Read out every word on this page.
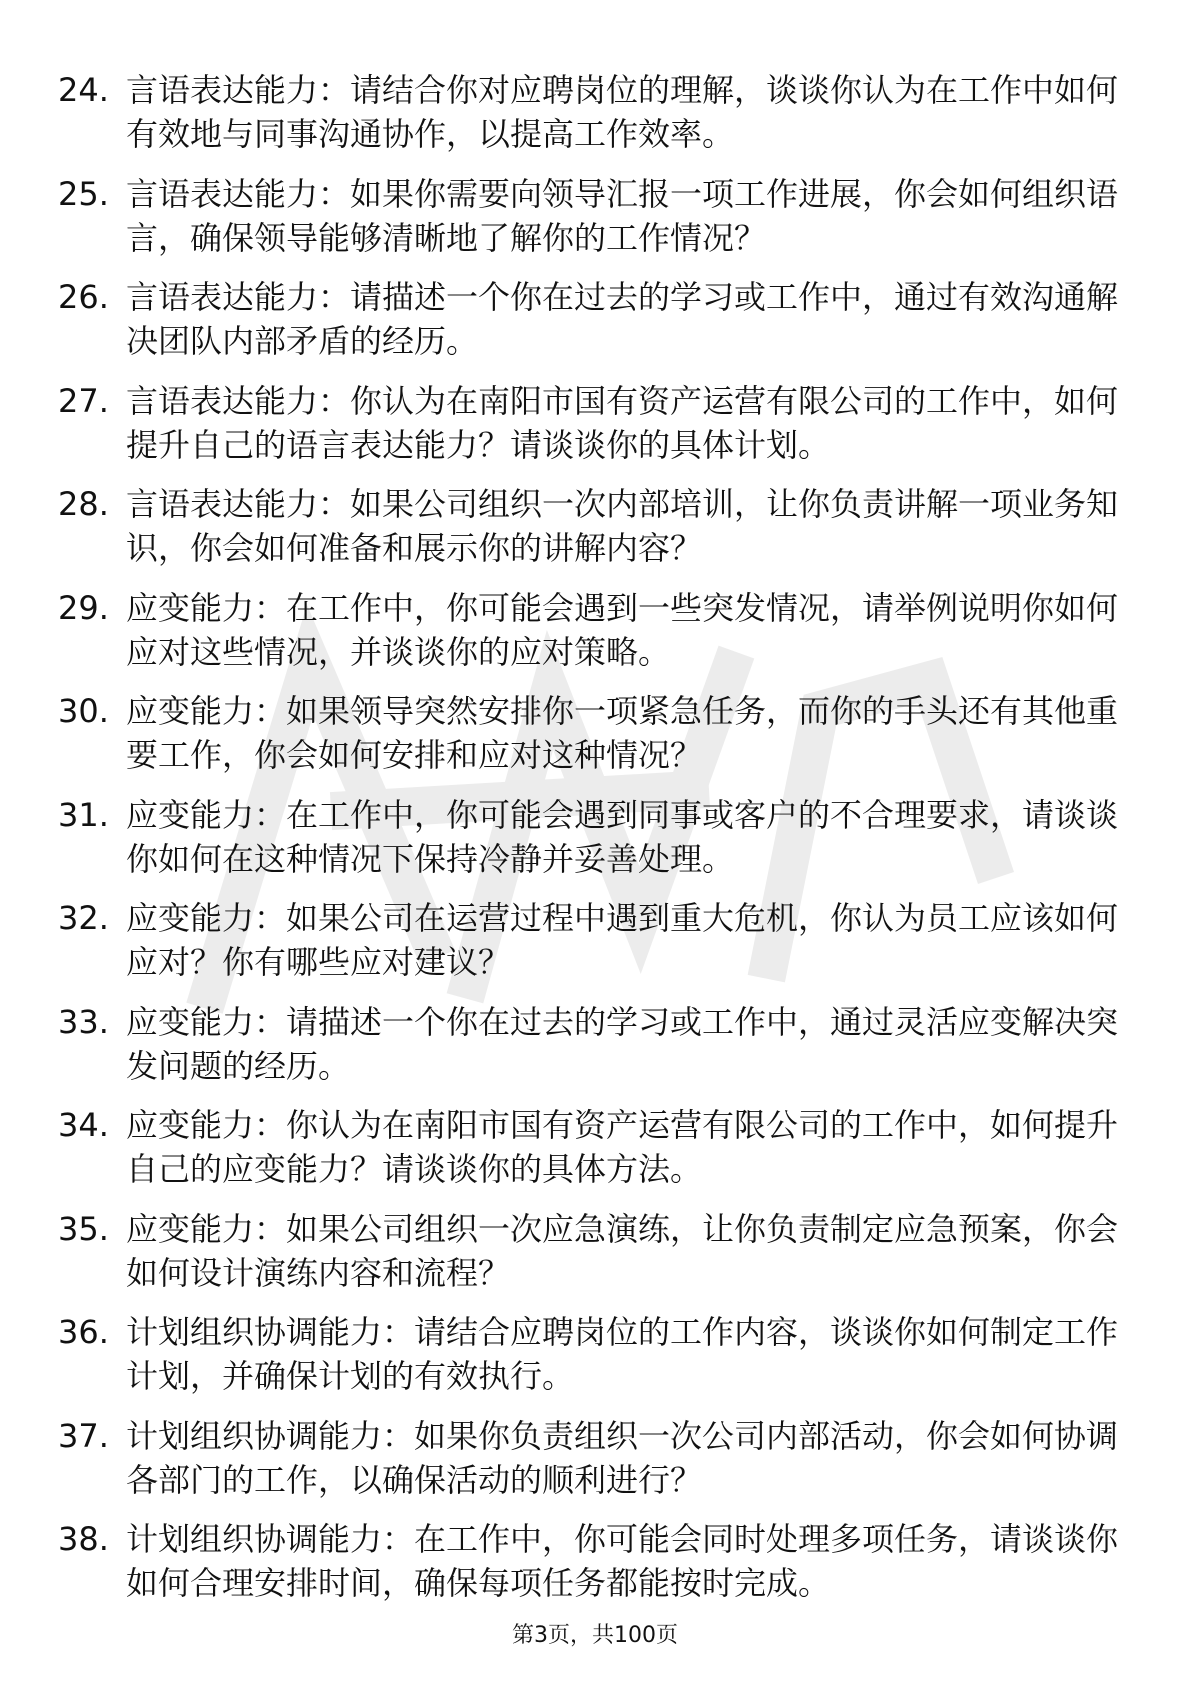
24. 言语表达能力：请结合你对应聘岗位的理解，谈谈你认为在工作中如何有效地与同事沟通协作，以提高工作效率。
25. 言语表达能力：如果你需要向领导汇报一项工作进展，你会如何组织语言，确保领导能够清晰地了解你的工作情况？
26. 言语表达能力：请描述一个你在过去的学习或工作中，通过有效沟通解决团队内部矛盾的经历。
27. 言语表达能力：你认为在南阳市国有资产运营有限公司的工作中，如何提升自己的语言表达能力？请谈谈你的具体计划。
28. 言语表达能力：如果公司组织一次内部培训，让你负责讲解一项业务知识，你会如何准备和展示你的讲解内容？
29. 应变能力：在工作中，你可能会遇到一些突发情况，请举例说明你如何应对这些情况，并谈谈你的应对策略。
30. 应变能力：如果领导突然安排你一项紧急任务，而你的手头还有其他重要工作，你会如何安排和应对这种情况？
31. 应变能力：在工作中，你可能会遇到同事或客户的不合理要求，请谈谈你如何在这种情况下保持冷静并妥善处理。
32. 应变能力：如果公司在运营过程中遇到重大危机，你认为员工应该如何应对？你有哪些应对建议？
33. 应变能力：请描述一个你在过去的学习或工作中，通过灵活应变解决突发问题的经历。
34. 应变能力：你认为在南阳市国有资产运营有限公司的工作中，如何提升自己的应变能力？请谈谈你的具体方法。
35. 应变能力：如果公司组织一次应急演练，让你负责制定应急预案，你会如何设计演练内容和流程？
36. 计划组织协调能力：请结合应聘岗位的工作内容，谈谈你如何制定工作计划，并确保计划的有效执行。
37. 计划组织协调能力：如果你负责组织一次公司内部活动，你会如何协调各部门的工作，以确保活动的顺利进行？
38. 计划组织协调能力：在工作中，你可能会同时处理多项任务，请谈谈你如何合理安排时间，确保每项任务都能按时完成。
第3页，共100页
